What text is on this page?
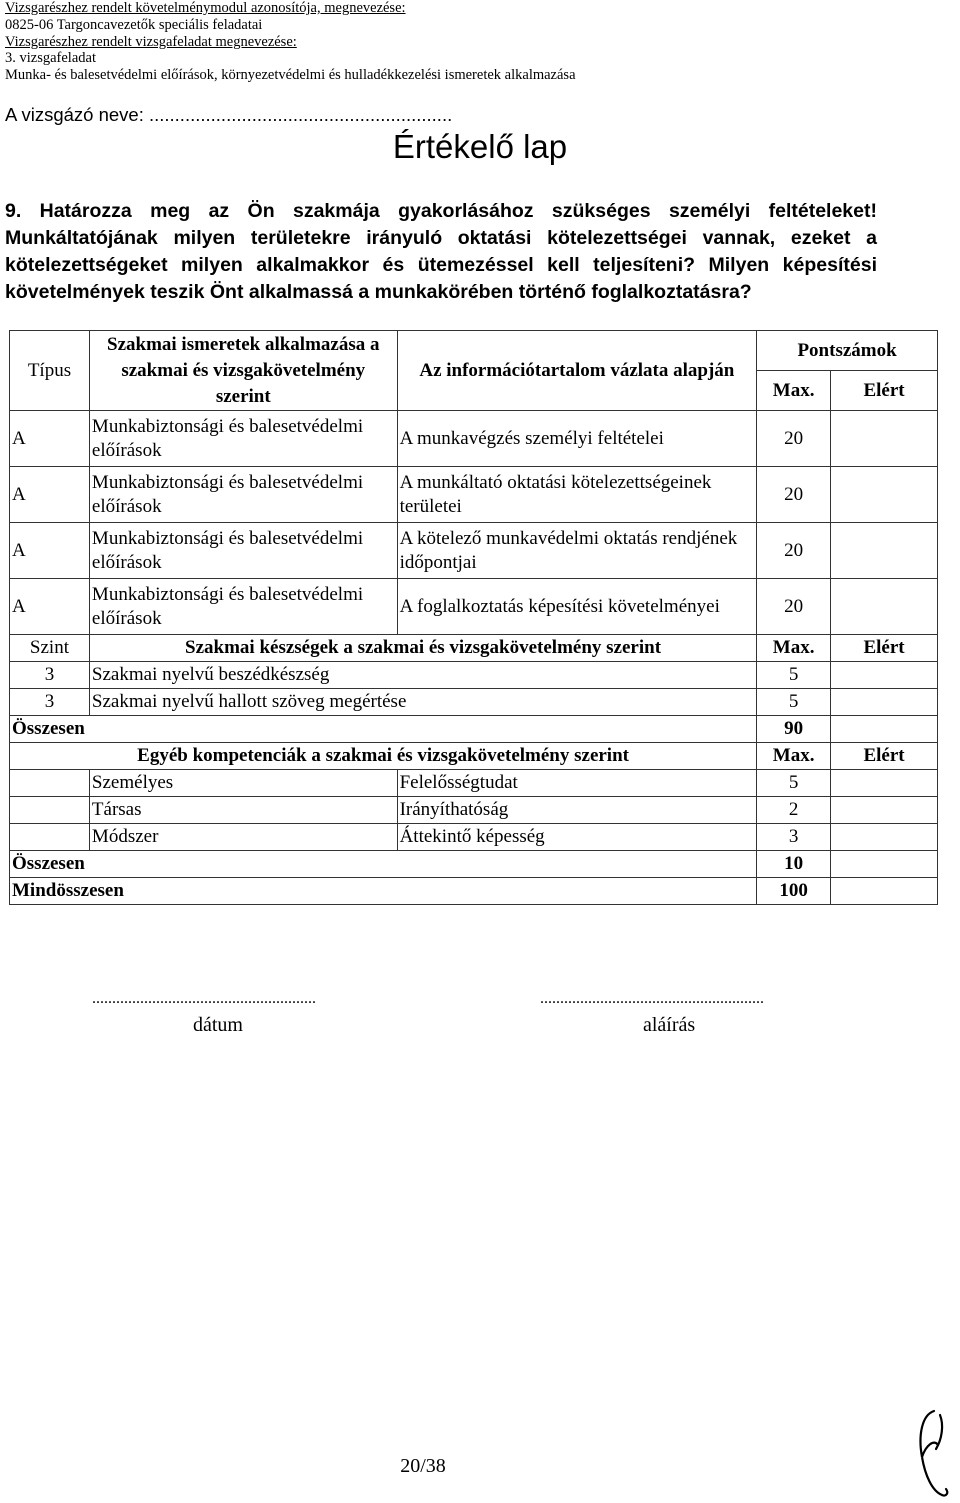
Vizsgarészhez rendelt követelménymodul azonosítója, megnevezése:
0825-06 Targoncavezetők speciális feladatai
Vizsgarészhez rendelt vizsgafeladat megnevezése:
3. vizsgafeladat
Munka- és balesetvédelmi előírások, környezetvédelmi és hulladékkezelési ismeretek alkalmazása
A vizsgázó neve: ...........................................................
Értékelő lap
9. Határozza meg az Ön szakmája gyakorlásához szükséges személyi feltételeket! Munkáltatójának milyen területekre irányuló oktatási kötelezettségei vannak, ezeket a kötelezettségeket milyen alkalmakkor és ütemezéssel kell teljesíteni? Milyen képesítési követelmények teszik Önt alkalmassá a munkakörében történő foglalkoztatásra?
Típus	Szakmai ismeretek alkalmazása a szakmai és vizsgakövetelmény szerint	Az információtartalom vázlata alapján	Pontszámok	
			Max.	Elért
A	Munkabiztonsági és balesetvédelmi előírások	A munkavégzés személyi feltételei	20	
A	Munkabiztonsági és balesetvédelmi előírások	A munkáltató oktatási kötelezettségeinek területei	20	
A	Munkabiztonsági és balesetvédelmi előírások	A kötelező munkavédelmi oktatás rendjének időpontjai	20	
A	Munkabiztonsági és balesetvédelmi előírások	A foglalkoztatás képesítési követelményei	20	
Szint	Szakmai készségek a szakmai és vizsgakövetelmény szerint		Max.	Elért
3	Szakmai nyelvű beszédkészség		5	
3	Szakmai nyelvű hallott szöveg megértése		5	
Összesen			90	
Egyéb kompetenciák a szakmai és vizsgakövetelmény szerint			Max.	Elért
	Személyes	Felelősségtudat	5	
	Társas	Irányíthatóság	2	
	Módszer	Áttekintő képesség	3	
Összesen			10	
Mindösszesen			100	
........................................................
dátum
........................................................
aláírás
20/38
